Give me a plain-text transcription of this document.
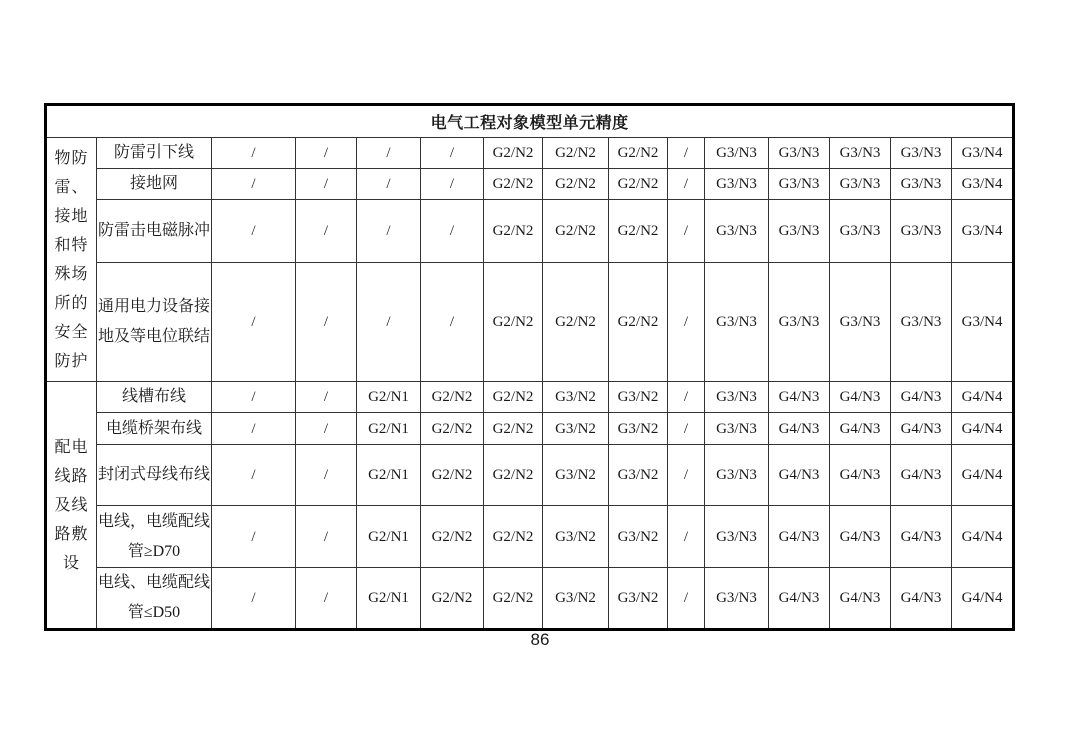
电气工程对象模型单元精度														
物防雷、接地和特殊场所的安全防护	防雷引下线	/	/	/	/	G2/N2	G2/N2	G2/N2	/	G3/N3	G3/N3	G3/N3	G3/N3	G3/N4
	接地网	/	/	/	/	G2/N2	G2/N2	G2/N2	/	G3/N3	G3/N3	G3/N3	G3/N3	G3/N4
	防雷击电磁脉冲	/	/	/	/	G2/N2	G2/N2	G2/N2	/	G3/N3	G3/N3	G3/N3	G3/N3	G3/N4
	通用电力设备接地及等电位联结	/	/	/	/	G2/N2	G2/N2	G2/N2	/	G3/N3	G3/N3	G3/N3	G3/N3	G3/N4
配电线路及线路敷设	线槽布线	/	/	G2/N1	G2/N2	G2/N2	G3/N2	G3/N2	/	G3/N3	G4/N3	G4/N3	G4/N3	G4/N4
	电缆桥架布线	/	/	G2/N1	G2/N2	G2/N2	G3/N2	G3/N2	/	G3/N3	G4/N3	G4/N3	G4/N3	G4/N4
	封闭式母线布线	/	/	G2/N1	G2/N2	G2/N2	G3/N2	G3/N2	/	G3/N3	G4/N3	G4/N3	G4/N3	G4/N4
	电线，电缆配线管≥D70	/	/	G2/N1	G2/N2	G2/N2	G3/N2	G3/N2	/	G3/N3	G4/N3	G4/N3	G4/N3	G4/N4
	电线、电缆配线管≤D50	/	/	G2/N1	G2/N2	G2/N2	G3/N2	G3/N2	/	G3/N3	G4/N3	G4/N3	G4/N3	G4/N4
86
